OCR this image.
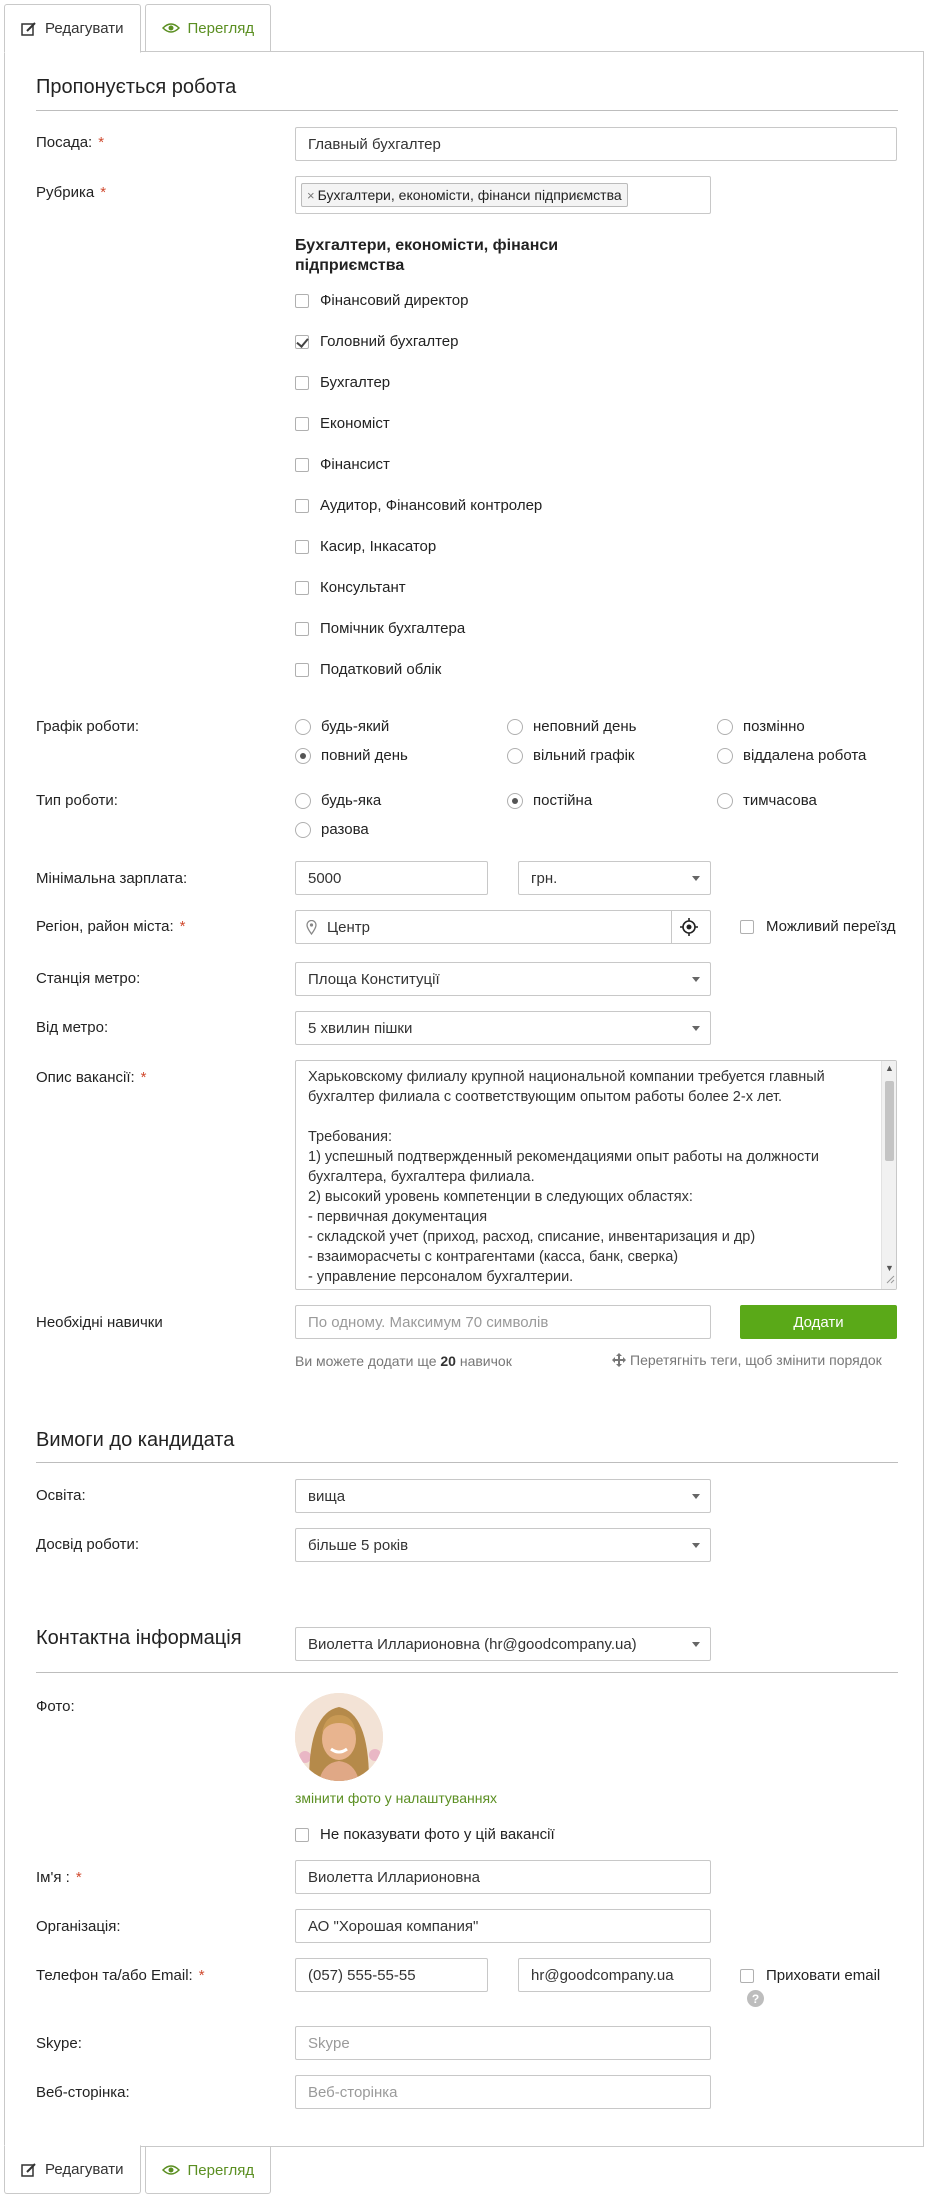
Редагувати	Перегляд
Пропонується робота
Посада: *	Главный бухгалтер
Рубрика *	× Бухгалтери, економісти, фінанси підприємства
Бухгалтери, економісти, фінанси підприємства
Фінансовий директор
Головний бухгалтер
Бухгалтер
Економіст
Фінансист
Аудитор, Фінансовий контролер
Касир, Інкасатор
Консультант
Помічник бухгалтера
Податковий облік
Графік роботи:	будь-який	неповний день	позмінно
повний день	вільний графік	віддалена робота
Тип роботи:	будь-яка	постійна	тимчасова
разова
Мінімальна зарплата:	5000	грн.
Регіон, район міста: *	Центр	Можливий переїзд
Станція метро:	Площа Конституції
Від метро:	5 хвилин пішки
Опис вакансії: *	Харьковскому филиалу крупной национальной компании требуется главный бухгалтер филиала с соответствующим опытом работы более 2-х лет.

Требования:
1) успешный подтвержденный рекомендациями опыт работы на должности бухгалтера, бухгалтера филиала.
2) высокий уровень компетенции в следующих областях:
- первичная документация
- складской учет (приход, расход, списание, инвентаризация и др)
- взаиморасчеты с контрагентами (касса, банк, сверка)
- управление персоналом бухгалтерии.
▲
▼
Необхідні навички	По одному. Максимум 70 символів	Додати
Ви можете додати ще 20 навичок	Перетягніть теги, щоб змінити порядок
Вимоги до кандидата
Освіта:	вища
Досвід роботи:	більше 5 років
Контактна інформація	Виолетта Илларионовна (hr@goodcompany.ua)
Фото:
змінити фото у налаштуваннях
Не показувати фото у цій вакансії
Ім'я : *	Виолетта Илларионовна
Організація:	АО "Хорошая компания"
Телефон та/або Email: *	(057) 555-55-55	hr@goodcompany.ua	Приховати email
?
Skype:	Skype
Веб-сторінка:	Веб-сторінка
Редагувати	Перегляд
